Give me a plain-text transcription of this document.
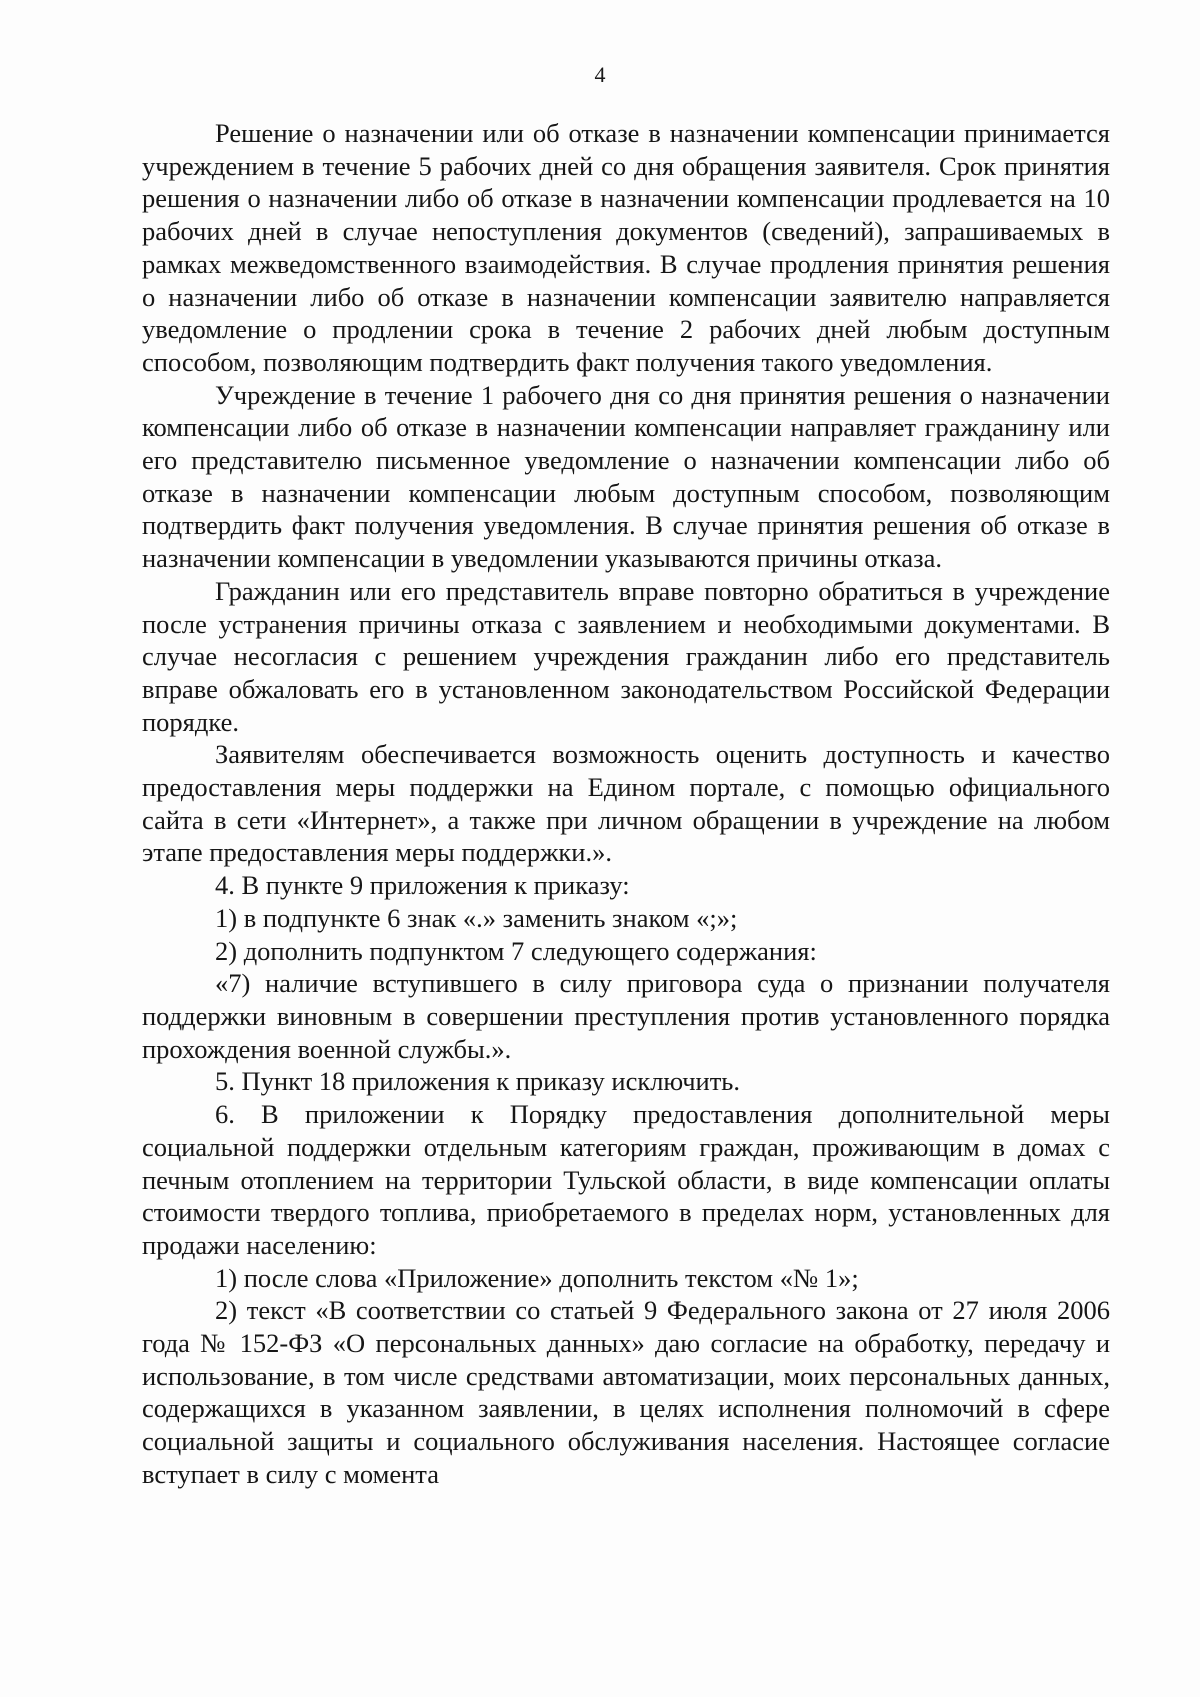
4

Решение о назначении или об отказе в назначении компенсации принимается учреждением в течение 5 рабочих дней со дня обращения заявителя. Срок принятия решения о назначении либо об отказе в назначении компенсации продлевается на 10 рабочих дней в случае непоступления документов (сведений), запрашиваемых в рамках межведомственного взаимодействия. В случае продления принятия решения о назначении либо об отказе в назначении компенсации заявителю направляется уведомление о продлении срока в течение 2 рабочих дней любым доступным способом, позволяющим подтвердить факт получения такого уведомления.

Учреждение в течение 1 рабочего дня со дня принятия решения о назначении компенсации либо об отказе в назначении компенсации направляет гражданину или его представителю письменное уведомление о назначении компенсации либо об отказе в назначении компенсации любым доступным способом, позволяющим подтвердить факт получения уведомления. В случае принятия решения об отказе в назначении компенсации в уведомлении указываются причины отказа.

Гражданин или его представитель вправе повторно обратиться в учреждение после устранения причины отказа с заявлением и необходимыми документами. В случае несогласия с решением учреждения гражданин либо его представитель вправе обжаловать его в установленном законодательством Российской Федерации порядке.

Заявителям обеспечивается возможность оценить доступность и качество предоставления меры поддержки на Едином портале, с помощью официального сайта в сети «Интернет», а также при личном обращении в учреждение на любом этапе предоставления меры поддержки.».

4. В пункте 9 приложения к приказу:

1) в подпункте 6 знак «.» заменить знаком «;»;

2) дополнить подпунктом 7 следующего содержания:

«7) наличие вступившего в силу приговора суда о признании получателя поддержки виновным в совершении преступления против установленного порядка прохождения военной службы.».

5. Пункт 18 приложения к приказу исключить.

6. В приложении к Порядку предоставления дополнительной меры социальной поддержки отдельным категориям граждан, проживающим в домах с печным отоплением на территории Тульской области, в виде компенсации оплаты стоимости твердого топлива, приобретаемого в пределах норм, установленных для продажи населению:

1) после слова «Приложение» дополнить текстом «№ 1»;

2) текст «В соответствии со статьей 9 Федерального закона от 27 июля 2006 года № 152-ФЗ «О персональных данных» даю согласие на обработку, передачу и использование, в том числе средствами автоматизации, моих персональных данных, содержащихся в указанном заявлении, в целях исполнения полномочий в сфере социальной защиты и социального обслуживания населения. Настоящее согласие вступает в силу с момента
